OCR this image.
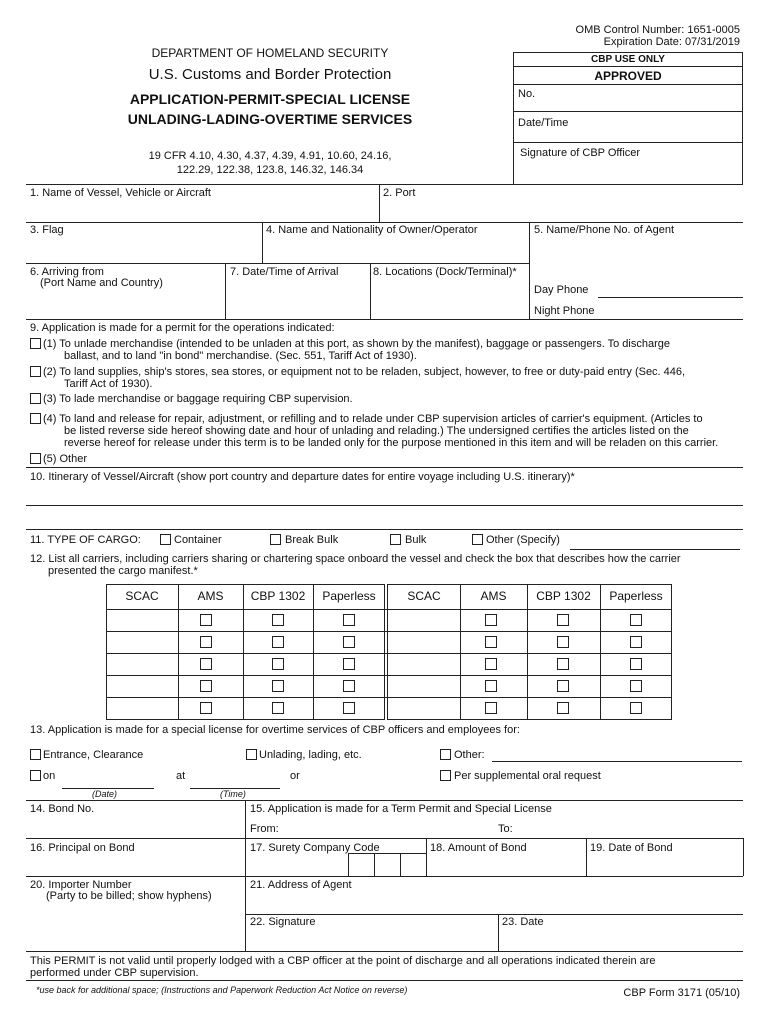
OMB Control Number: 1651-0005
Expiration Date: 07/31/2019
DEPARTMENT OF HOMELAND SECURITY
U.S. Customs and Border Protection
APPLICATION-PERMIT-SPECIAL LICENSE
UNLADING-LADING-OVERTIME SERVICES
19 CFR 4.10, 4.30, 4.37, 4.39, 4.91, 10.60, 24.16,
122.29, 122.38, 123.8, 146.32, 146.34
CBP USE ONLY
APPROVED
No.
Date/Time
Signature of CBP Officer
1. Name of Vessel, Vehicle or Aircraft	2. Port
3. Flag	4. Name and Nationality of Owner/Operator	5. Name/Phone No. of Agent
6. Arriving from
(Port Name and Country)
7. Date/Time of Arrival	8. Locations (Dock/Terminal)*
Day Phone
Night Phone
9. Application is made for a permit for the operations indicated:
(1) To unlade merchandise (intended to be unladen at this port, as shown by the manifest), baggage or passengers. To discharge
ballast, and to land "in bond" merchandise. (Sec. 551, Tariff Act of 1930).
(2) To land supplies, ship's stores, sea stores, or equipment not to be reladen, subject, however, to free or duty-paid entry (Sec. 446,
Tariff Act of 1930).
(3) To lade merchandise or baggage requiring CBP supervision.
(4) To land and release for repair, adjustment, or refilling and to relade under CBP supervision articles of carrier's equipment. (Articles to
be listed reverse side hereof showing date and hour of unlading and relading.) The undersigned certifies the articles listed on the
reverse hereof for release under this term is to be landed only for the purpose mentioned in this item and will be reladen on this carrier.
(5) Other
10. Itinerary of Vessel/Aircraft (show port country and departure dates for entire voyage including U.S. itinerary)*
11. TYPE OF CARGO:	Container	Break Bulk	Bulk	Other (Specify)
12. List all carriers, including carriers sharing or chartering space onboard the vessel and check the box that describes how the carrier
presented the cargo manifest.*
SCAC	AMS	CBP 1302	Paperless	SCAC	AMS	CBP 1302	Paperless
13. Application is made for a special license for overtime services of CBP officers and employees for:
Entrance, Clearance	Unlading, lading, etc.	Other:
on	at	or	Per supplemental oral request
(Date)	(Time)
14. Bond No.	15. Application is made for a Term Permit and Special License
From:	To:
16. Principal on Bond	17. Surety Company Code	18. Amount of Bond	19. Date of Bond
20. Importer Number
(Party to be billed; show hyphens)
21. Address of Agent
22. Signature	23. Date
This PERMIT is not valid until properly lodged with a CBP officer at the point of discharge and all operations indicated therein are
performed under CBP supervision.
*use back for additional space; (Instructions and Paperwork Reduction Act Notice on reverse)	CBP Form 3171 (05/10)
